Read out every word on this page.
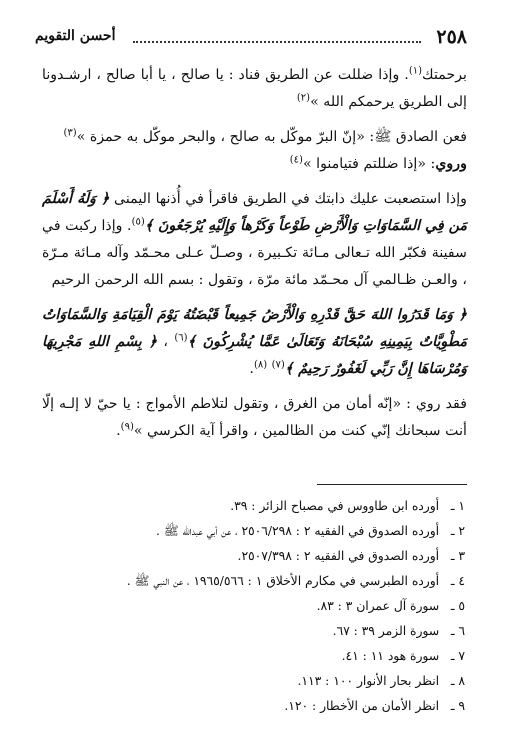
٢٥٨
أحسن التقويم

برحمتك$^{(١)}$. وإذا ضللت عن الطريق فناد : يا صالح ، يا أبا صالح ، ارشـدونا إلى الطريق يرحمكم الله »$^{(٢)}$

فعن الصادق ﷺ: «إنّ البرّ موكّل به صالح ، والبحر موكّل به حمزة »$^{(٣)}$

وروي: «إذا ضللتم فتيامنوا »$^{(٤)}$

وإذا استصعبت عليك دابتك في الطريق فاقرأ في أُذنها اليمنى ﴿ وَلَهُ أَسْلَمَ مَن فِي السَّمَاوَاتِ وَالْأَرْضِ طَوْعاً وَكَرْهاً وَإِلَيْهِ يُرْجَعُونَ ﴾$^{(٥)}$. وإذا ركبت في سفينة فكبّر الله تـعالى مـائة تكـبيرة ، وصـلّ عـلى محـمّد وآله مـائة مـرّة ، والعـن ظـالمي آل محـمّد مائة مرّة ، وتقول : بسم الله الرحمن الرحيم

﴿ وَمَا قَدَرُوا اللهَ حَقَّ قَدْرِهِ وَالْأَرْضُ جَمِيعاً قَبْضَتُهُ يَوْمَ الْقِيَامَةِ وَالسَّمَاوَاتُ مَطْوِيَّاتٌ بِيَمِينِهِ سُبْحَانَهُ وَتَعَالَىٰ عَمَّا يُشْرِكُونَ ﴾$^{(٦)}$ ، ﴿ بِسْمِ اللهِ مَجْرِيهَا وَمُرْسَاهَا إِنَّ رَبِّي لَغَفُورٌ رَحِيمٌ ﴾$^{(٧)}$ $^{(٨)}$.

فقد روي : «إنّه أمان من الغرق ، وتقول لتلاطم الأمواج : يا حيّ لا إلـه إلّا أنت سبحانك إنّي كنت من الظالمين ، واقرأ آية الكرسي »$^{(٩)}$.

١ ـ أورده ابن طاووس في مصباح الزائر : ٣٩.
٢ ـ أورده الصدوق في الفقيه ٢ : ٢٥٠٦/٢٩٨ ، عن أبي عبدالله ﷺ .
٣ ـ أورده الصدوق في الفقيه ٢ : ٢٥٠٧/٣٩٨.
٤ ـ أورده الطبرسي في مكارم الأخلاق ١ : ١٩٦٥/٥٦٦ ، عن النبي ﷺ .
٥ ـ سورة آل عمران ٣ : ٨٣.
٦ ـ سورة الزمر ٣٩ : ٦٧.
٧ ـ سورة هود ١١ : ٤١.
٨ ـ انظر بحار الأنوار ١٠٠ : ١١٣.
٩ ـ انظر الأمان من الأخطار : ١٢٠.
